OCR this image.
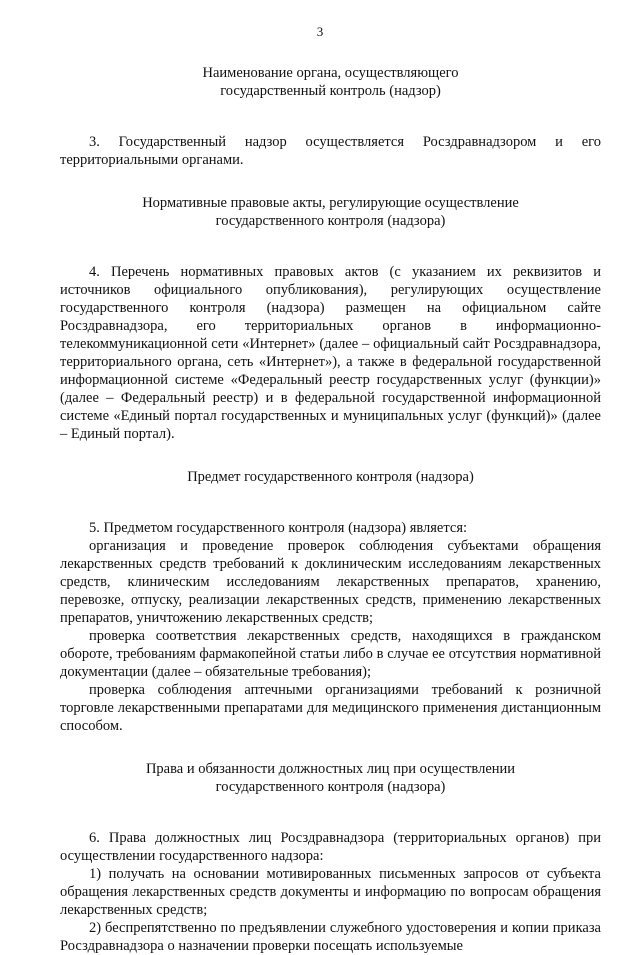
3
Наименование органа, осуществляющего
государственный контроль (надзор)

3. Государственный надзор осуществляется Росздравнадзором и его территориальными органами.

Нормативные правовые акты, регулирующие осуществление
государственного контроля (надзора)

4. Перечень нормативных правовых актов (с указанием их реквизитов и источников официального опубликования), регулирующих осуществление государственного контроля (надзора) размещен на официальном сайте Росздравнадзора, его территориальных органов в информационно-телекоммуникационной сети «Интернет» (далее – официальный сайт Росздравнадзора, территориального органа, сеть «Интернет»), а также в федеральной государственной информационной системе «Федеральный реестр государственных услуг (функции)» (далее – Федеральный реестр) и в федеральной государственной информационной системе «Единый портал государственных и муниципальных услуг (функций)» (далее – Единый портал).

Предмет государственного контроля (надзора)

5. Предметом государственного контроля (надзора) является:

организация и проведение проверок соблюдения субъектами обращения лекарственных средств требований к доклиническим исследованиям лекарственных средств, клиническим исследованиям лекарственных препаратов, хранению, перевозке, отпуску, реализации лекарственных средств, применению лекарственных препаратов, уничтожению лекарственных средств;

проверка соответствия лекарственных средств, находящихся в гражданском обороте, требованиям фармакопейной статьи либо в случае ее отсутствия нормативной документации (далее – обязательные требования);

проверка соблюдения аптечными организациями требований к розничной торговле лекарственными препаратами для медицинского применения дистанционным способом.

Права и обязанности должностных лиц при осуществлении
государственного контроля (надзора)

6. Права должностных лиц Росздравнадзора (территориальных органов) при осуществлении государственного надзора:

1) получать на основании мотивированных письменных запросов от субъекта обращения лекарственных средств документы и информацию по вопросам обращения лекарственных средств;

2) беспрепятственно по предъявлении служебного удостоверения и копии приказа Росздравнадзора о назначении проверки посещать используемые
